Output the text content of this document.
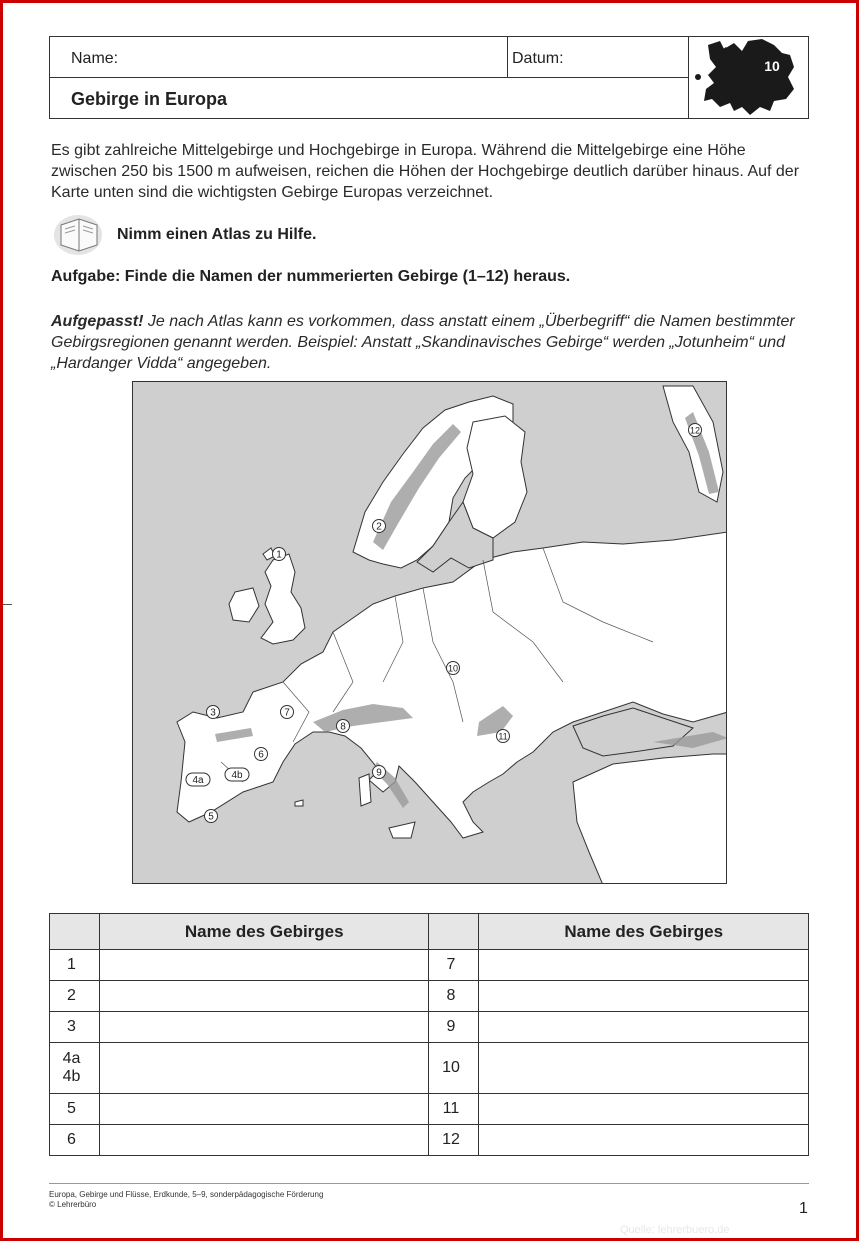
Name:	Datum:
Gebirge in Europa
10

Es gibt zahlreiche Mittelgebirge und Hochgebirge in Europa. Während die Mittelgebirge eine Höhe zwischen 250 bis 1500 m aufweisen, reichen die Höhen der Hochgebirge deutlich darüber hinaus. Auf der Karte unten sind die wichtigsten Gebirge Europas verzeichnet.

Nimm einen Atlas zu Hilfe.
Aufgabe: Finde die Namen der nummerierten Gebirge (1–12) heraus.

Aufgepasst! Je nach Atlas kann es vorkommen, dass anstatt einem „Überbegriff“ die Namen bestimmter Gebirgsregionen genannt werden. Beispiel: Anstatt „Skandinavisches Gebirge“ werden „Jotunheim“ und „Hardanger Vidda“ angegeben.

1
2
3
4a	4b
5
6
7
8
9
10
11
12
	Name des Gebirges		Name des Gebirges
1		7	
2		8	
3		9	

4a
4b		10	
5		11	
6		12	
Europa, Gebirge und Flüsse, Erdkunde, 5–9, sonderpädagogische Förderung
© Lehrerbüro	1
Quelle: lehrerbuero.de
